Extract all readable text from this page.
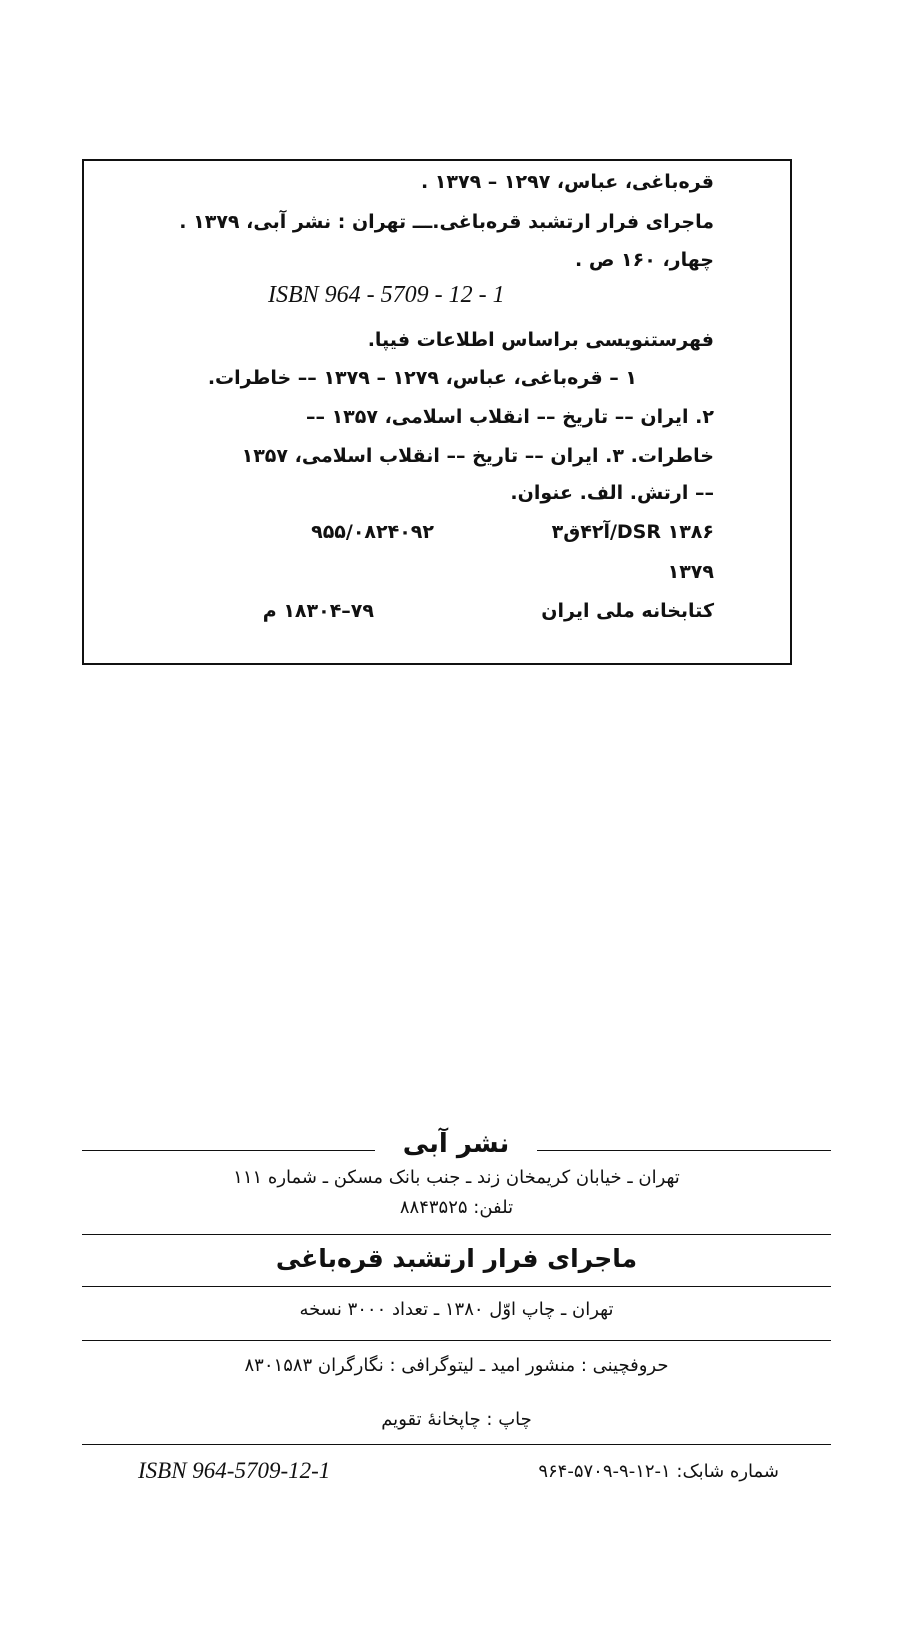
قره‌باغی، عباس، ۱۲۹۷ – ۱۳۷۹ .
ماجرای فرار ارتشبد قره‌باغی.ـــ تهران : نشر آبی، ۱۳۷۹ .
چهار، ۱۶۰ ص .
ISBN 964 - 5709 - 12 - 1
فهرستنویسی براساس اطلاعات فیپا.
۱ – قره‌باغی، عباس، ۱۲۷۹ – ۱۳۷۹ –– خاطرات.
۲. ایران –– تاریخ –– انقلاب اسلامی، ۱۳۵۷ ––
خاطرات. ۳. ایران –– تاریخ –– انقلاب اسلامی، ۱۳۵۷
–– ارتش. الف. عنوان.
DSR ۱۳۸۶/آ۴۲ق۳
۹۵۵/۰۸۲۴۰۹۲
۱۳۷۹
کتابخانه ملی ایران
۷۹–۱۸۳۰۴ م
نشر آبی
تهران ـ خیابان کریمخان زند ـ جنب بانک مسکن ـ شماره ۱۱۱
تلفن: ۸۸۴۳۵۲۵
ماجرای فرار ارتشبد قره‌باغی
تهران ـ چاپ اوّل ۱۳۸۰ ـ تعداد ۳۰۰۰ نسخه
حروفچینی : منشور امید ـ لیتوگرافی : نگارگران ۸۳۰۱۵۸۳
چاپ : چاپخانهٔ تقویم
شماره شابک: ۱-۱۲-۹-۵۷۰۹-۹۶۴
ISBN 964-5709-12-1
